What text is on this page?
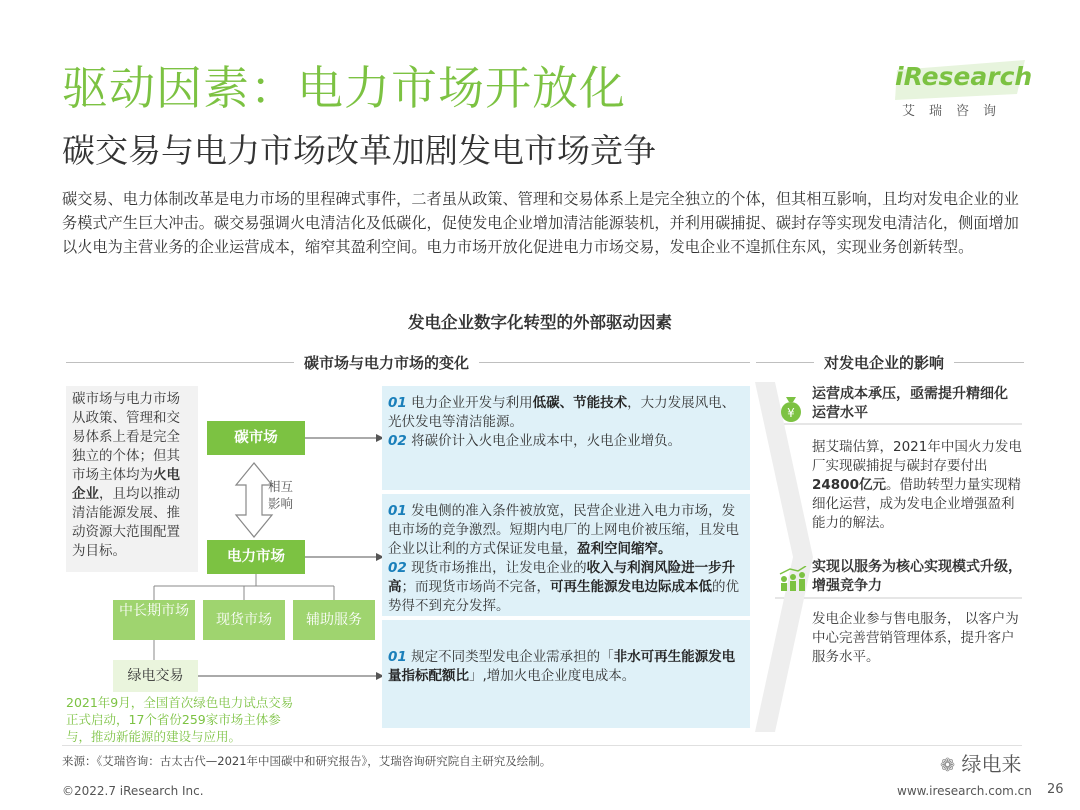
驱动因素：电力市场开放化
碳交易与电力市场改革加剧发电市场竞争
iResearch
艾瑞咨询
碳交易、电力体制改革是电力市场的里程碑式事件，二者虽从政策、管理和交易体系上是完全独立的个体，但其相互影响，且均对发电企业的业务模式产生巨大冲击。碳交易强调火电清洁化及低碳化，促使发电企业增加清洁能源装机，并利用碳捕捉、碳封存等实现发电清洁化，侧面增加以火电为主营业务的企业运营成本，缩窄其盈利空间。电力市场开放化促进电力市场交易，发电企业不遑抓住东风，实现业务创新转型。
发电企业数字化转型的外部驱动因素
碳市场与电力市场的变化	对发电企业的影响
碳市场与电力市场从政策、管理和交易体系上看是完全独立的个体；但其市场主体均为火电企业，且均以推动清洁能源发展、推动资源大范围配置为目标。
碳市场
相互
影响
电力市场
中长期市场
现货市场	辅助服务
绿电交易
2021年9月，全国首次绿色电力试点交易正式启动，17个省份259家市场主体参与，推动新能源的建设与应用。
01 电力企业开发与利用低碳、节能技术，大力发展风电、光伏发电等清洁能源。
02 将碳价计入火电企业成本中，火电企业增负。
01 发电侧的准入条件被放宽，民营企业进入电力市场，发电市场的竞争激烈。短期内电厂的上网电价被压缩，且发电企业以让利的方式保证发电量，盈利空间缩窄。
02 现货市场推出，让发电企业的收入与利润风险进一步升高；而现货市场尚不完备，可再生能源发电边际成本低的优势得不到充分发挥。
01 规定不同类型发电企业需承担的「非水可再生能源发电量指标配额比」,增加火电企业度电成本。
¥
运营成本承压，亟需提升精细化运营水平
据艾瑞估算，2021年中国火力发电厂实现碳捕捉与碳封存要付出24800亿元。借助转型力量实现精细化运营，成为发电企业增强盈利能力的解法。
实现以服务为核心实现模式升级，增强竞争力
发电企业参与售电服务， 以客户为中心完善营销管理体系，提升客户服务水平。
来源：《艾瑞咨询：古太古代—2021年中国碳中和研究报告》，艾瑞咨询研究院自主研究及绘制。	❁ 绿电来
©2022.7 iResearch Inc.	www.iresearch.com.cn 26
